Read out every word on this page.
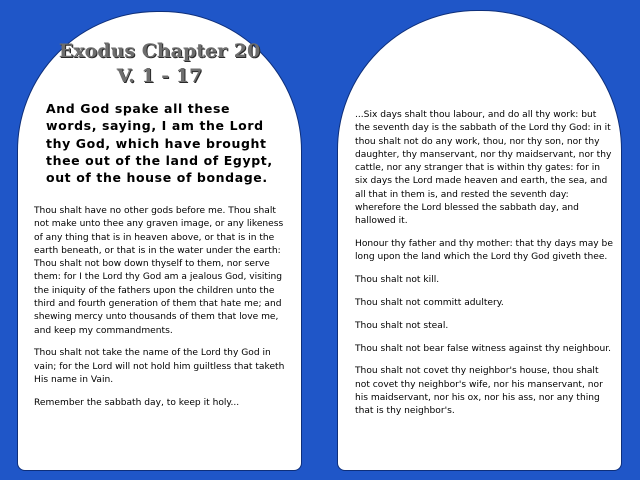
Exodus Chapter 20
V. 1 - 17
And God spake all these words, saying, I am the Lord thy God, which have brought thee out of the land of Egypt, out of the house of bondage.

Thou shalt have no other gods before me. Thou shalt not make unto thee any graven image, or any likeness of any thing that is in heaven above, or that is in the earth beneath, or that is in the water under the earth: Thou shalt not bow down thyself to them, nor serve them: for I the Lord thy God am a jealous God, visiting the iniquity of the fathers upon the children unto the third and fourth generation of them that hate me; and shewing mercy unto thousands of them that love me, and keep my commandments.

Thou shalt not take the name of the Lord thy God in vain; for the Lord will not hold him guiltless that taketh His name in Vain.

Remember the sabbath day, to keep it holy...

...Six days shalt thou labour, and do all thy work: but the seventh day is the sabbath of the Lord thy God: in it thou shalt not do any work, thou, nor thy son, nor thy daughter, thy manservant, nor thy maidservant, nor thy cattle, nor any stranger that is within thy gates: for in six days the Lord made heaven and earth, the sea, and all that in them is, and rested the seventh day: wherefore the Lord blessed the sabbath day, and hallowed it.

Honour thy father and thy mother: that thy days may be long upon the land which the Lord thy God giveth thee.

Thou shalt not kill.

Thou shalt not committ adultery.

Thou shalt not steal.

Thou shalt not bear false witness against thy neighbour.

Thou shalt not covet thy neighbor's house, thou shalt not covet thy neighbor's wife, nor his manservant, nor his maidservant, nor his ox, nor his ass, nor any thing that is thy neighbor's.
